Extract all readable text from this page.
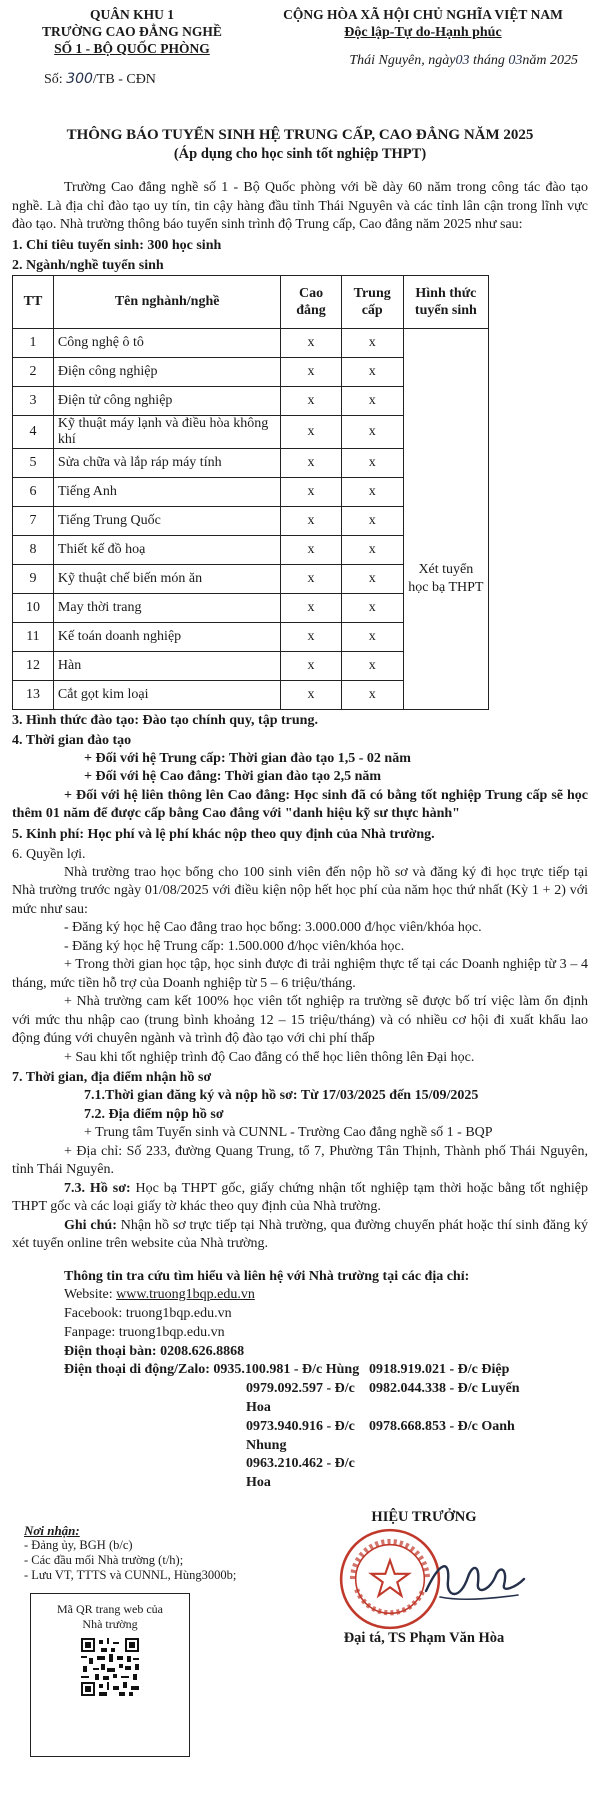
QUÂN KHU 1
TRƯỜNG CAO ĐẲNG NGHỀ
SỐ 1 - BỘ QUỐC PHÒNG
Số: 300/TB - CĐN
CỘNG HÒA XÃ HỘI CHỦ NGHĨA VIỆT NAM
Độc lập-Tự do-Hạnh phúc
Thái Nguyên, ngày03 tháng 03năm 2025
THÔNG BÁO TUYỂN SINH HỆ TRUNG CẤP, CAO ĐẲNG NĂM 2025
(Áp dụng cho học sinh tốt nghiệp THPT)

Trường Cao đẳng nghề số 1 - Bộ Quốc phòng với bề dày 60 năm trong công tác đào tạo nghề. Là địa chỉ đào tạo uy tín, tin cậy hàng đầu tỉnh Thái Nguyên và các tỉnh lân cận trong lĩnh vực đào tạo. Nhà trường thông báo tuyển sinh trình độ Trung cấp, Cao đẳng năm 2025 như sau:

1. Chỉ tiêu tuyển sinh: 300 học sinh
2. Ngành/nghề tuyển sinh
TT	Tên nghành/nghề	Cao đẳng	Trung cấp	Hình thức tuyển sinh
1	Công nghệ ô tô	x	x	Xét tuyển học bạ THPT
2	Điện công nghiệp	x	x	
3	Điện tử công nghiệp	x	x	
4	Kỹ thuật máy lạnh và điều hòa không khí	x	x	
5	Sửa chữa và lắp ráp máy tính	x	x	
6	Tiếng Anh	x	x	
7	Tiếng Trung Quốc	x	x	
8	Thiết kế đồ hoạ	x	x	
9	Kỹ thuật chế biến món ăn	x	x	
10	May thời trang	x	x	
11	Kế toán doanh nghiệp	x	x	
12	Hàn	x	x	
13	Cắt gọt kim loại	x	x	
3. Hình thức đào tạo: Đào tạo chính quy, tập trung.
4. Thời gian đào tạo

+ Đối với hệ Trung cấp: Thời gian đào tạo 1,5 - 02 năm

+ Đối với hệ Cao đẳng: Thời gian đào tạo 2,5 năm

+ Đối với hệ liên thông lên Cao đẳng: Học sinh đã có bằng tốt nghiệp Trung cấp sẽ học thêm 01 năm để được cấp bằng Cao đẳng với "danh hiệu kỹ sư thực hành"

5. Kinh phí: Học phí và lệ phí khác nộp theo quy định của Nhà trường.
6. Quyền lợi.

Nhà trường trao học bổng cho 100 sinh viên đến nộp hồ sơ và đăng ký đi học trực tiếp tại Nhà trường trước ngày 01/08/2025 với điều kiện nộp hết học phí của năm học thứ nhất (Kỳ 1 + 2) với mức như sau:

- Đăng ký học hệ Cao đẳng trao học bổng: 3.000.000 đ/học viên/khóa học.

- Đăng ký học hệ Trung cấp: 1.500.000 đ/học viên/khóa học.

+ Trong thời gian học tập, học sinh được đi trải nghiệm thực tế tại các Doanh nghiệp từ 3 – 4 tháng, mức tiền hỗ trợ của Doanh nghiệp từ 5 – 6 triệu/tháng.

+ Nhà trường cam kết 100% học viên tốt nghiệp ra trường sẽ được bố trí việc làm ổn định với mức thu nhập cao (trung bình khoảng 12 – 15 triệu/tháng) và có nhiều cơ hội đi xuất khẩu lao động đúng với chuyên ngành và trình độ đào tạo với chi phí thấp

+ Sau khi tốt nghiệp trình độ Cao đẳng có thể học liên thông lên Đại học.

7. Thời gian, địa điểm nhận hồ sơ

7.1.Thời gian đăng ký và nộp hồ sơ: Từ 17/03/2025 đến 15/09/2025

7.2. Địa điểm nộp hồ sơ

+ Trung tâm Tuyển sinh và CUNNL - Trường Cao đẳng nghề số 1 - BQP

+ Địa chỉ: Số 233, đường Quang Trung, tổ 7, Phường Tân Thịnh, Thành phố Thái Nguyên, tỉnh Thái Nguyên.

7.3. Hồ sơ: Học bạ THPT gốc, giấy chứng nhận tốt nghiệp tạm thời hoặc bằng tốt nghiệp THPT gốc và các loại giấy tờ khác theo quy định của Nhà trường.

Ghi chú: Nhận hồ sơ trực tiếp tại Nhà trường, qua đường chuyển phát hoặc thí sinh đăng ký xét tuyển online trên website của Nhà trường.

Thông tin tra cứu tìm hiểu và liên hệ với Nhà trường tại các địa chỉ:
Website: www.truong1bqp.edu.vn
Facebook: truong1bqp.edu.vn
Fanpage: truong1bqp.edu.vn
Điện thoại bàn: 0208.626.8868
Điện thoại di động/Zalo: 0935.100.981 - Đ/c Hùng 0918.919.021 - Đ/c Điệp
0979.092.597 - Đ/c Hoa
0982.044.338 - Đ/c Luyến
0973.940.916 - Đ/c Nhung
0978.668.853 - Đ/c Oanh
0963.210.462 - Đ/c Hoa
Nơi nhận:
- Đảng ủy, BGH (b/c)
- Các đầu mối Nhà trường (t/h);
- Lưu VT, TTTS và CUNNL, Hùng3000b;
Mã QR trang web của
Nhà trường
HIỆU TRƯỞNG
Đại tá, TS Phạm Văn Hòa
